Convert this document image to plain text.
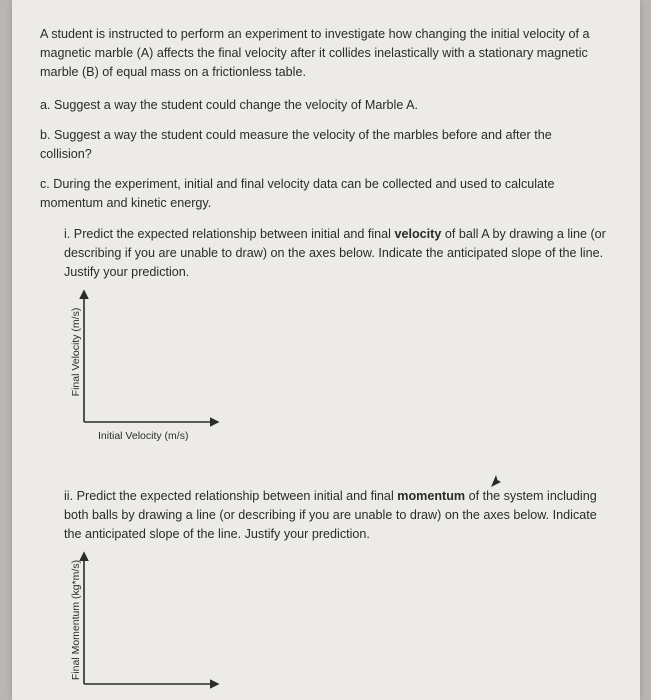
A student is instructed to perform an experiment to investigate how changing the initial velocity of a magnetic marble (A) affects the final velocity after it collides inelastically with a stationary magnetic marble (B) of equal mass on a frictionless table.

a. Suggest a way the student could change the velocity of Marble A.

b. Suggest a way the student could measure the velocity of the marbles before and after the collision?

c. During the experiment, initial and final velocity data can be collected and used to calculate momentum and kinetic energy.

i. Predict the expected relationship between initial and final velocity of ball A by drawing a line (or describing if you are unable to draw) on the axes below. Indicate the anticipated slope of the line. Justify your prediction.

Final Velocity (m/s)
Initial Velocity (m/s)

ii. Predict the expected relationship between initial and final momentum of the system including both balls by drawing a line (or describing if you are unable to draw) on the axes below. Indicate the anticipated slope of the line. Justify your prediction.

Final Momentum (kg*m/s)
